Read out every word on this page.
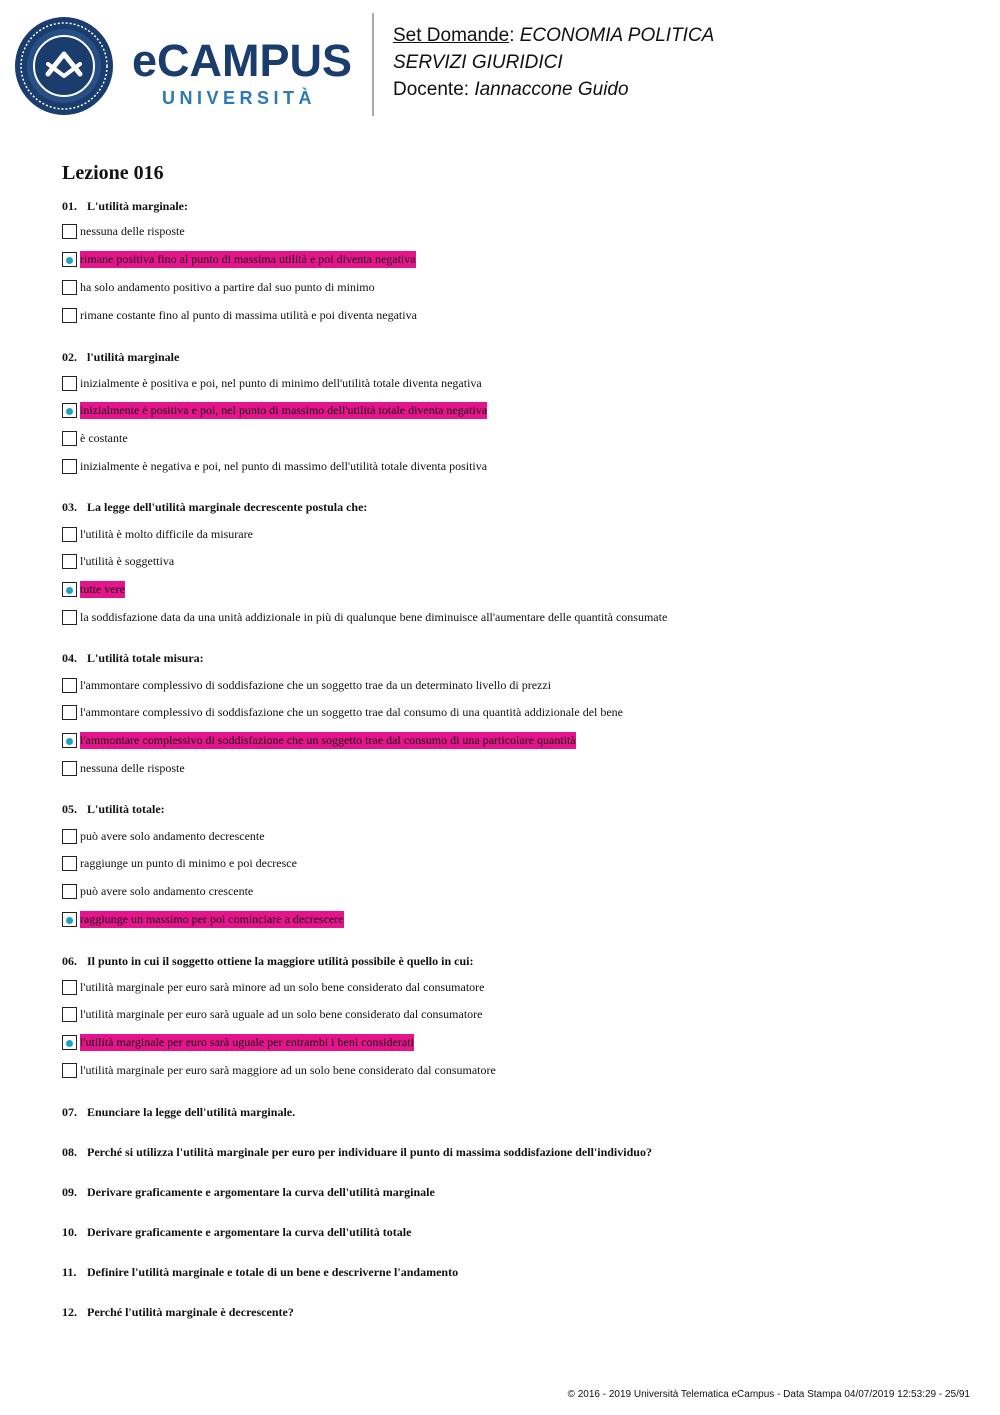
eCAMPUS
UNIVERSITÀ
Set Domande: ECONOMIA POLITICA
SERVIZI GIURIDICI
Docente: Iannaccone Guido
Lezione 016
01. L'utilità marginale:
nessuna delle risposte
rimane positiva fino al punto di massima utilità e poi diventa negativa
ha solo andamento positivo a partire dal suo punto di minimo
rimane costante fino al punto di massima utilità e poi diventa negativa
02. l'utilità marginale
inizialmente è positiva e poi, nel punto di minimo dell'utilità totale diventa negativa
inizialmente è positiva e poi, nel punto di massimo dell'utilità totale diventa negativa
è costante
inizialmente è negativa e poi, nel punto di massimo dell'utilità totale diventa positiva
03. La legge dell'utilità marginale decrescente postula che:
l'utilità è molto difficile da misurare
l'utilità è soggettiva
tutte vere
la soddisfazione data da una unità addizionale in più di qualunque bene diminuisce all'aumentare delle quantità consumate
04. L'utilità totale misura:
l'ammontare complessivo di soddisfazione che un soggetto trae da un determinato livello di prezzi
l'ammontare complessivo di soddisfazione che un soggetto trae dal consumo di una quantità addizionale del bene
l'ammontare complessivo di soddisfazione che un soggetto trae dal consumo di una particolare quantità
nessuna delle risposte
05. L'utilità totale:
può avere solo andamento decrescente
raggiunge un punto di minimo e poi decresce
può avere solo andamento crescente
raggiunge un massimo per poi cominciare a decrescere
06. Il punto in cui il soggetto ottiene la maggiore utilità possibile è quello in cui:
l'utilità marginale per euro sarà minore ad un solo bene considerato dal consumatore
l'utilità marginale per euro sarà uguale ad un solo bene considerato dal consumatore
l'utilità marginale per euro sarà uguale per entrambi i beni considerati
l'utilità marginale per euro sarà maggiore ad un solo bene considerato dal consumatore
07. Enunciare la legge dell'utilità marginale.
08. Perché si utilizza l'utilità marginale per euro per individuare il punto di massima soddisfazione dell'individuo?
09. Derivare graficamente e argomentare la curva dell'utilità marginale
10. Derivare graficamente e argomentare la curva dell'utilità totale
11. Definire l'utilità marginale e totale di un bene e descriverne l'andamento
12. Perché l'utilità marginale è decrescente?
© 2016 - 2019 Università Telematica eCampus - Data Stampa 04/07/2019 12:53:29 - 25/91
